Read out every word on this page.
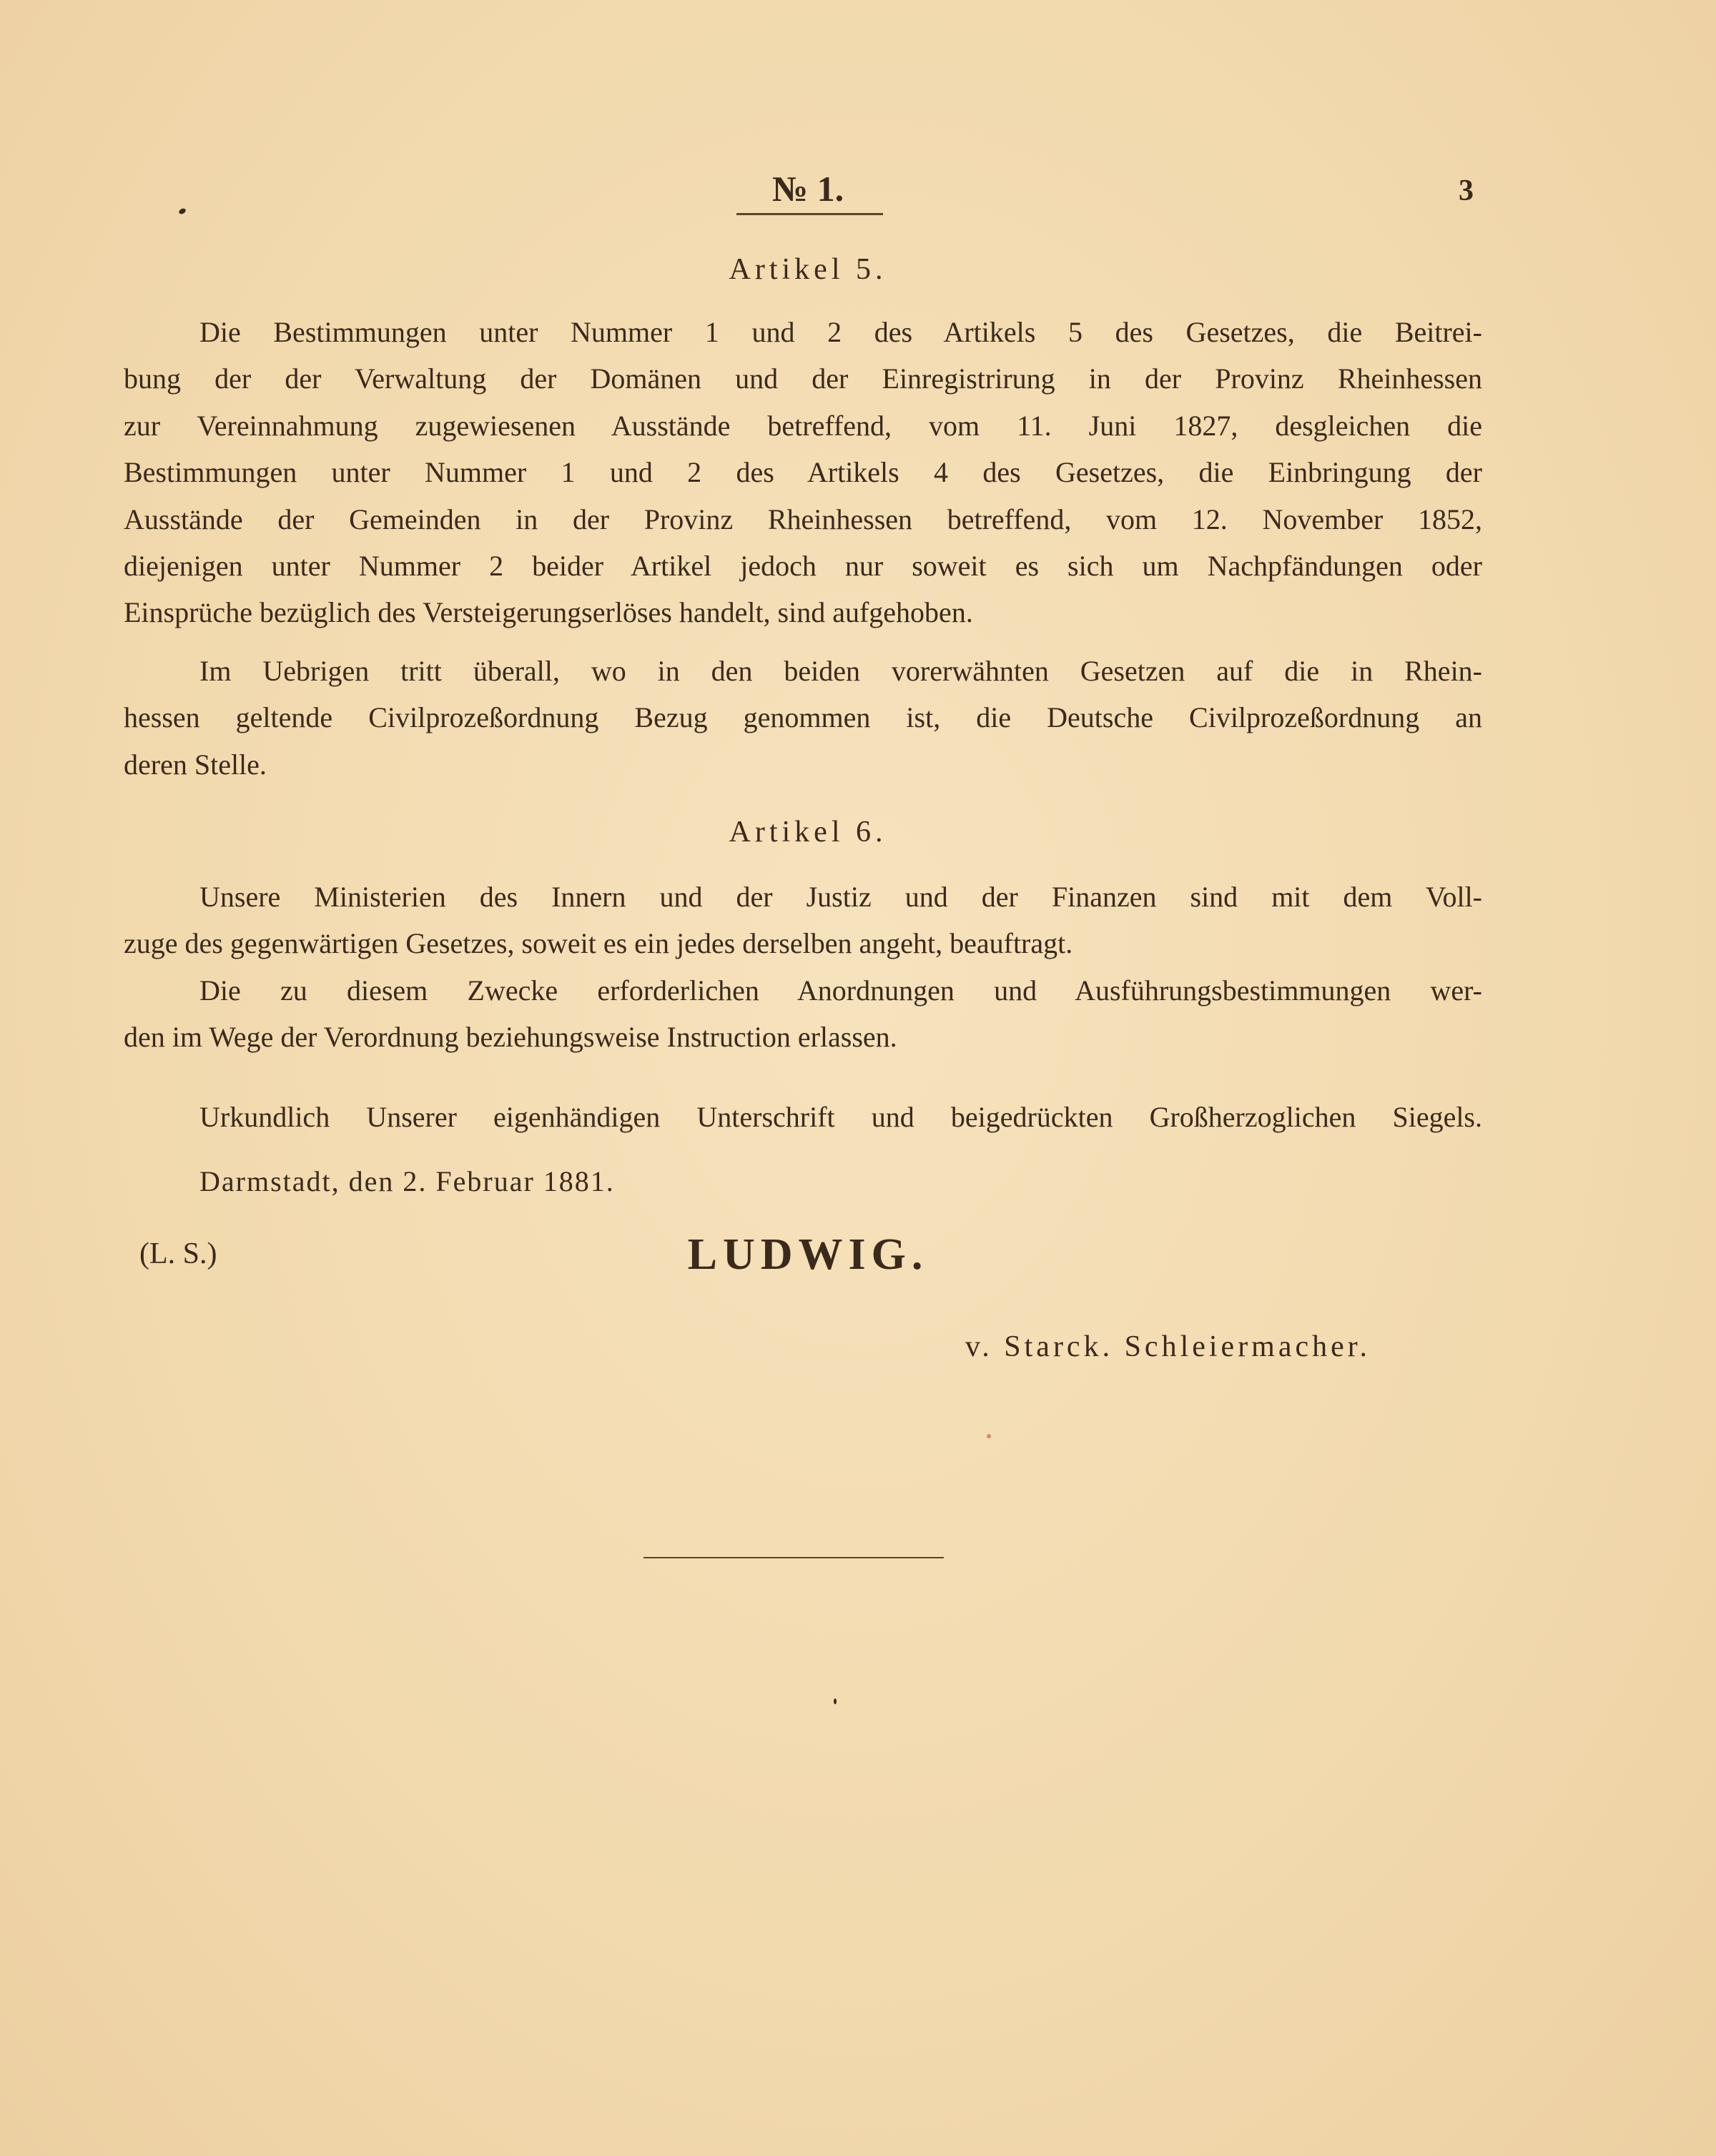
№ 1.	3
Artikel 5.
Die Bestimmungen unter Nummer 1 und 2 des Artikels 5 des Gesetzes, die Beitrei-
bung der der Verwaltung der Domänen und der Einregistrirung in der Provinz Rheinhessen
zur Vereinnahmung zugewiesenen Ausstände betreffend, vom 11. Juni 1827, desgleichen die
Bestimmungen unter Nummer 1 und 2 des Artikels 4 des Gesetzes, die Einbringung der
Ausstände der Gemeinden in der Provinz Rheinhessen betreffend, vom 12. November 1852,
diejenigen unter Nummer 2 beider Artikel jedoch nur soweit es sich um Nachpfändungen oder
Einsprüche bezüglich des Versteigerungserlöses handelt, sind aufgehoben.
Im Uebrigen tritt überall, wo in den beiden vorerwähnten Gesetzen auf die in Rhein-
hessen geltende Civilprozeßordnung Bezug genommen ist, die Deutsche Civilprozeßordnung an
deren Stelle.
Artikel 6.
Unsere Ministerien des Innern und der Justiz und der Finanzen sind mit dem Voll-
zuge des gegenwärtigen Gesetzes, soweit es ein jedes derselben angeht, beauftragt.
Die zu diesem Zwecke erforderlichen Anordnungen und Ausführungsbestimmungen wer-
den im Wege der Verordnung beziehungsweise Instruction erlassen.
Urkundlich Unserer eigenhändigen Unterschrift und beigedrückten Großherzoglichen Siegels.
Darmstadt, den 2. Februar 1881.
(L. S.)	LUDWIG.
v. Starck. Schleiermacher.
